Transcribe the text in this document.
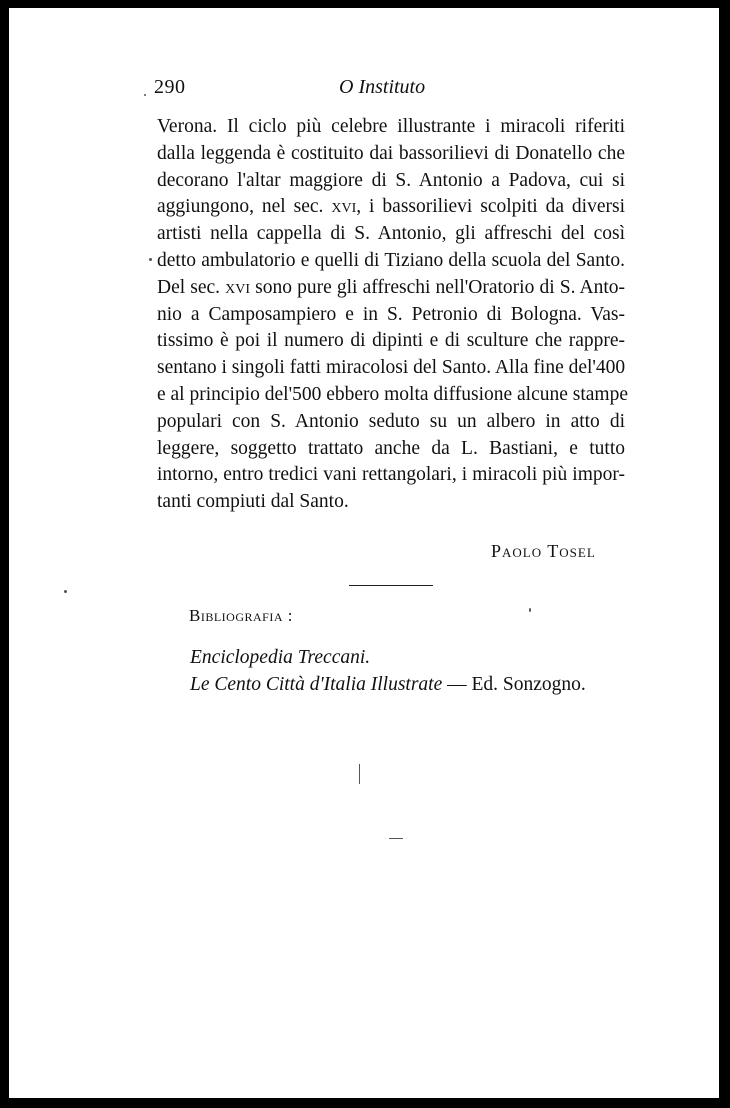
290	O Instituto
Verona. Il ciclo più celebre illustrante i miracoli riferiti
dalla leggenda è costituito dai bassorilievi di Donatello che
decorano l'altar maggiore di S. Antonio a Padova, cui si
aggiungono, nel sec. xvi, i bassorilievi scolpiti da diversi
artisti nella cappella di S. Antonio, gli affreschi del così
detto ambulatorio e quelli di Tiziano della scuola del Santo.
Del sec. xvi sono pure gli affreschi nell'Oratorio di S. Anto-
nio a Camposampiero e in S. Petronio di Bologna. Vas-
tissimo è poi il numero di dipinti e di sculture che rappre-
sentano i singoli fatti miracolosi del Santo. Alla fine del'400
e al principio del'500 ebbero molta diffusione alcune stampe
populari con S. Antonio seduto su un albero in atto di
leggere, soggetto trattato anche da L. Bastiani, e tutto
intorno, entro tredici vani rettangolari, i miracoli più impor-
tanti compiuti dal Santo.
Paolo Tosel
Bibliografia :
Enciclopedia Treccani.
Le Cento Città d'Italia Illustrate — Ed. Sonzogno.
